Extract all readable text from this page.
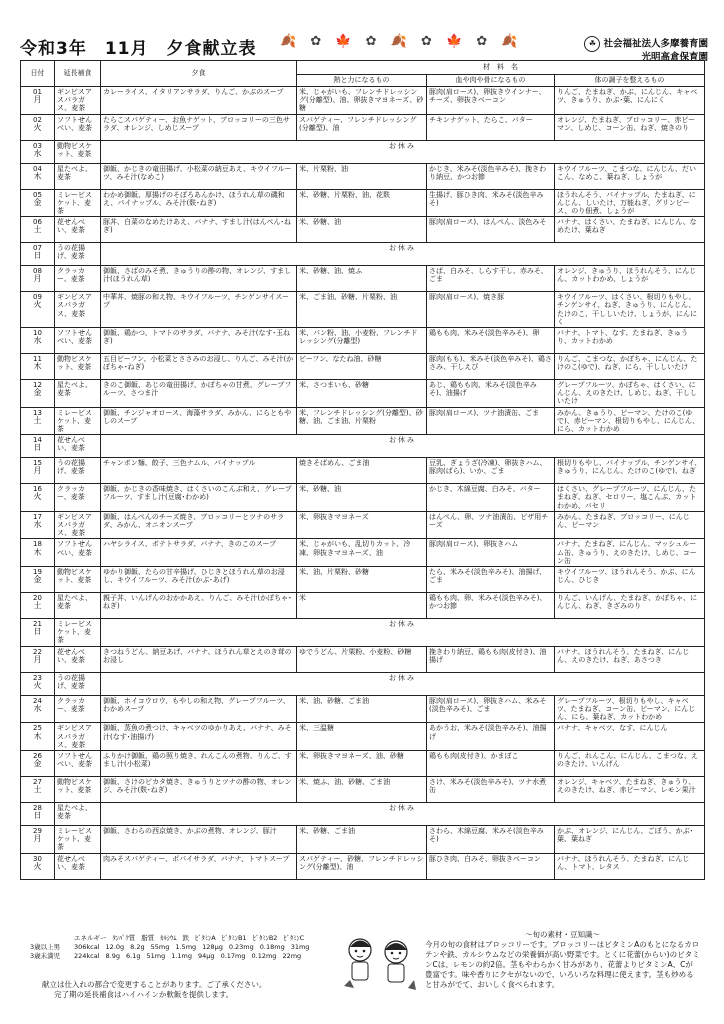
令和3年　11月　夕食献立表 🍂 ✿ 🍁 ✿ 🍂 ✿ 🍁 ✿ 🍂	☘ 社会福祉法人多摩養育園
光明高倉保育園
日付	延長補食	夕食	材　料　名		
			熱と力になるもの	血や肉や骨になるもの	体の調子を整えるもの

01
月	ギンビスアスパラガス、麦茶	カレーライス、イタリアンサラダ、りんご、かぶのスープ	米、じゃがいも、フレンチドレッシング(分離型)、油、卵抜きマヨネーズ、砂糖	豚肉(肩ロース)、卵抜きウインナー、チーズ、卵抜きベーコン	りんご、たまねぎ、かぶ、にんじん、キャベツ、きゅうり、かぶ･葉、にんにく

02
火	ソフトせんべい、麦茶	たらこスパゲティー、お魚ナゲット、ブロッコリーの三色サラダ、オレンジ、しめじスープ	スパゲティー、フレンチドレッシング(分離型)、油	チキンナゲット、たらこ、バター	オレンジ、たまねぎ、ブロッコリー、赤ピーマン、しめじ、コーン缶、ねぎ、焼きのり

03
水	動物ビスケット、麦茶	お休み			

04
木	星たべよ、麦茶	御飯、かじきの竜田揚げ、小松菜の納豆あえ、キウイフルーツ、みそ汁(なめこ)	米、片栗粉、油	かじき、米みそ(淡色辛みそ)、挽きわり納豆、かつお節	キウイフルーツ、こまつな、にんじん、だいこん、なめこ、葉ねぎ、しょうが

05
金	ミレービスケット、麦茶	わかめ御飯、厚揚げのそぼろあんかけ、ほうれん草の磯和え、パイナップル、みそ汁(麩･ねぎ)	米、砂糖、片栗粉、油、花麩	生揚げ、豚ひき肉、米みそ(淡色辛みそ)	ほうれんそう、パイナップル、たまねぎ、にんじん、しいたけ、万能ねぎ、グリンピース、のり佃煮、しょうが

06
土	花せんべい、麦茶	豚丼、白菜のなめたけあえ、バナナ、すまし汁(はんぺん･ねぎ)	米、砂糖、油	豚肉(肩ロース)、はんぺん、淡色みそ	バナナ、はくさい、たまねぎ、にんじん、なめたけ、葉ねぎ

07
日	うの花揚げ、麦茶	お休み			

08
月	クラッカー、麦茶	御飯、さばのみそ煮、きゅうりの酢の物、オレンジ、すまし汁(ほうれん草)	米、砂糖、油、焼ふ	さば、白みそ、しらす干し、赤みそ、ごま	オレンジ、きゅうり、ほうれんそう、にんじん、カットわかめ、しょうが

09
火	ギンビスアスパラガス、麦茶	中華丼、焼豚の和え物、キウイフルーツ、チンゲンサイスープ	米、ごま油、砂糖、片栗粉、油	豚肉(肩ロース)、焼き豚	キウイフルーツ、はくさい、根切りもやし、チンゲンサイ、ねぎ、きゅうり、にんじん、たけのこ、干ししいたけ、しょうが、にんにく

10
水	ソフトせんべい、麦茶	御飯、鶏かつ、トマトのサラダ、バナナ、みそ汁(なす･玉ねぎ)	米、パン粉、油、小麦粉、フレンチドレッシング(分離型)	鶏もも肉、米みそ(淡色辛みそ)、卵	バナナ、トマト、なす、たまねぎ、きゅうり、カットわかめ

11
木	動物ビスケット、麦茶	五目ビーフン、小松菜とささみのお浸し、りんご、みそ汁(かぼちゃ･ねぎ)	ビーフン、なたね油、砂糖	豚肉(もも)、米みそ(淡色辛みそ)、鶏ささみ、干しえび	りんご、こまつな、かぼちゃ、にんじん、たけのこ(ゆで)、ねぎ、にら、干ししいたけ

12
金	星たべよ、麦茶	きのこ御飯、あじの竜田揚げ、かぼちゃの甘煮、グレープフルーツ、さつま汁	米、さつまいも、砂糖	あじ、鶏もも肉、米みそ(淡色辛みそ)、油揚げ	グレープフルーツ、かぼちゃ、はくさい、にんじん、えのきたけ、しめじ、ねぎ、干ししいたけ

13
土	ミレービスケット、麦茶	御飯、チンジャオロース、海藻サラダ、みかん、にらともやしのスープ	米、フレンチドレッシング(分離型)、砂糖、油、ごま油、片栗粉	豚肉(肩ロース)、ツナ油漬缶、ごま	みかん、きゅうり、ピーマン、たけのこ(ゆで)、赤ピーマン、根切りもやし、にんじん、にら、カットわかめ

14
日	花せんべい、麦茶	お休み			

15
月	うの花揚げ、麦茶	チャンポン麺、餃子、三色ナムル、パイナップル	焼きそばめん、ごま油	豆乳、ぎょうざ(冷凍)、卵抜きハム、豚肉(ばら)、いか、ごま	根切りもやし、パイナップル、チンゲンサイ、きゅうり、にんじん、たけのこ(ゆで)、ねぎ

16
火	クラッカー、麦茶	御飯、かじきの香味焼き、はくさいのこんぶ和え、グレープフルーツ、すまし汁(豆腐･わかめ)	米、砂糖、油	かじき、木綿豆腐、白みそ、バター	はくさい、グレープフルーツ、にんじん、たまねぎ、ねぎ、セロリー、塩こんぶ、カットわかめ、パセリ

17
水	ギンビスアスパラガス、麦茶	御飯、はんぺんのチーズ焼き、ブロッコリーとツナのサラダ、みかん、オニオンスープ	米、卵抜きマヨネーズ	はんぺん、卵、ツナ油漬缶、ピザ用チーズ	みかん、たまねぎ、ブロッコリー、にんじん、ピーマン

18
木	ソフトせんべい、麦茶	ハヤシライス、ポテトサラダ、バナナ、きのこのスープ	米、じゃがいも、乱切りカット、冷凍、卵抜きマヨネーズ、油	豚肉(肩ロース)、卵抜きハム	バナナ、たまねぎ、にんじん、マッシュルーム缶、きゅうり、えのきたけ、しめじ、コーン缶

19
金	動物ビスケット、麦茶	ゆかり御飯、たらの甘辛揚げ、ひじきとほうれん草のお浸し、キウイフルーツ、みそ汁(かぶ･あげ)	米、油、片栗粉、砂糖	たら、米みそ(淡色辛みそ)、油揚げ、ごま	キウイフルーツ、ほうれんそう、かぶ、にんじん、ひじき

20
土	星たべよ、麦茶	親子丼、いんげんのおかかあえ、りんご、みそ汁(かぼちゃ･ねぎ)	米	鶏もも肉、卵、米みそ(淡色辛みそ)、かつお節	りんご、いんげん、たまねぎ、かぼちゃ、にんじん、ねぎ、きざみのり

21
日	ミレービスケット、麦茶	お休み			

22
月	花せんべい、麦茶	きつねうどん、納豆あげ、バナナ、ほうれん草とえのき茸のお浸し	ゆでうどん、片栗粉、小麦粉、砂糖	挽きわり納豆、鶏もも肉(皮付き)、油揚げ	バナナ、ほうれんそう、たまねぎ、にんじん、えのきたけ、ねぎ、あさつき

23
火	うの花揚げ、麦茶	お休み			

24
水	クラッカー、麦茶	御飯、ホイコウロウ、もやしの和え物、グレープフルーツ、わかめスープ	米、油、砂糖、ごま油	豚肉(肩ロース)、卵抜きハム、米みそ(淡色辛みそ)、ごま	グレープフルーツ、根切りもやし、キャベツ、たまねぎ、コーン缶、ピーマン、にんじん、にら、葉ねぎ、カットわかめ

25
木	ギンビスアスパラガス、麦茶	御飯、蒸魚の煮つけ、キャベツのゆかりあえ、バナナ、みそ汁(なす･油揚げ)	米、三温糖	あかうお、米みそ(淡色辛みそ)、油揚げ	バナナ、キャベツ、なす、にんじん

26
金	ソフトせんべい、麦茶	ふりかけ御飯、鶏の照り焼き、れんこんの煮物、りんご、すまし汁(小松菜)	米、卵抜きマヨネーズ、油、砂糖	鶏もも肉(皮付き)、かまぼこ	りんご、れんこん、にんじん、こまつな、えのきたけ、いんげん

27
土	動物ビスケット、麦茶	御飯、さけのピカタ焼き、きゅうりとツナの酢の物、オレンジ、みそ汁(麩･ねぎ)	米、焼ふ、油、砂糖、ごま油	さけ、米みそ(淡色辛みそ)、ツナ水煮缶	オレンジ、キャベツ、たまねぎ、きゅうり、えのきたけ、ねぎ、赤ピーマン、レモン果汁

28
日	星たべよ、麦茶	お休み			

29
月	ミレービスケット、麦茶	御飯、さわらの西京焼き、かぶの煮物、オレンジ、豚汁	米、砂糖、ごま油	さわら、木綿豆腐、米みそ(淡色辛みそ)	かぶ、オレンジ、にんじん、ごぼう、かぶ･葉、葉ねぎ

30
火	花せんべい、麦茶	肉みそスパゲティー、ポパイサラダ、バナナ、トマトスープ	スパゲティー、砂糖、フレンチドレッシング(分離型)、油	豚ひき肉、白みそ、卵抜きベーコン	バナナ、ほうれんそう、たまねぎ、にんじん、トマト、レタス
エネルギー ﾀﾝﾊﾟｸ質 脂質 ｶﾙｼｳﾑ 鉄 ﾋﾞﾀﾐﾝA ﾋﾞﾀﾐﾝB1 ﾋﾞﾀﾐﾝB2 ﾋﾞﾀﾐﾝC
3歳以上男	306kcal 12.0g 8.2g 55mg 1.5mg 128μg 0.23mg 0.18mg 31mg
3歳未満児	224kcal 8.9g 6.1g 51mg 1.1mg 94μg 0.17mg 0.12mg 22mg
献立は仕入れの都合で変更することがあります。ご了承ください。
完了期の延長補食はハイハインか軟飯を提供します。
～旬の素材・豆知識～
今月の旬の食材はブロッコリーです。ブロッコリーはビタミンAのもとになるカロテンや鉄、カルシウムなどの栄養価が高い野菜です。とくに花蕾(からい)のビタミンCは、レモンの約2倍。茎もやわらかく甘みがあり、花蕾よりビタミンA、Cが豊富です。味や香りにクセがないので、いろいろな料理に使えます。茎も炒めると甘みがでて、おいしく食べられます。
